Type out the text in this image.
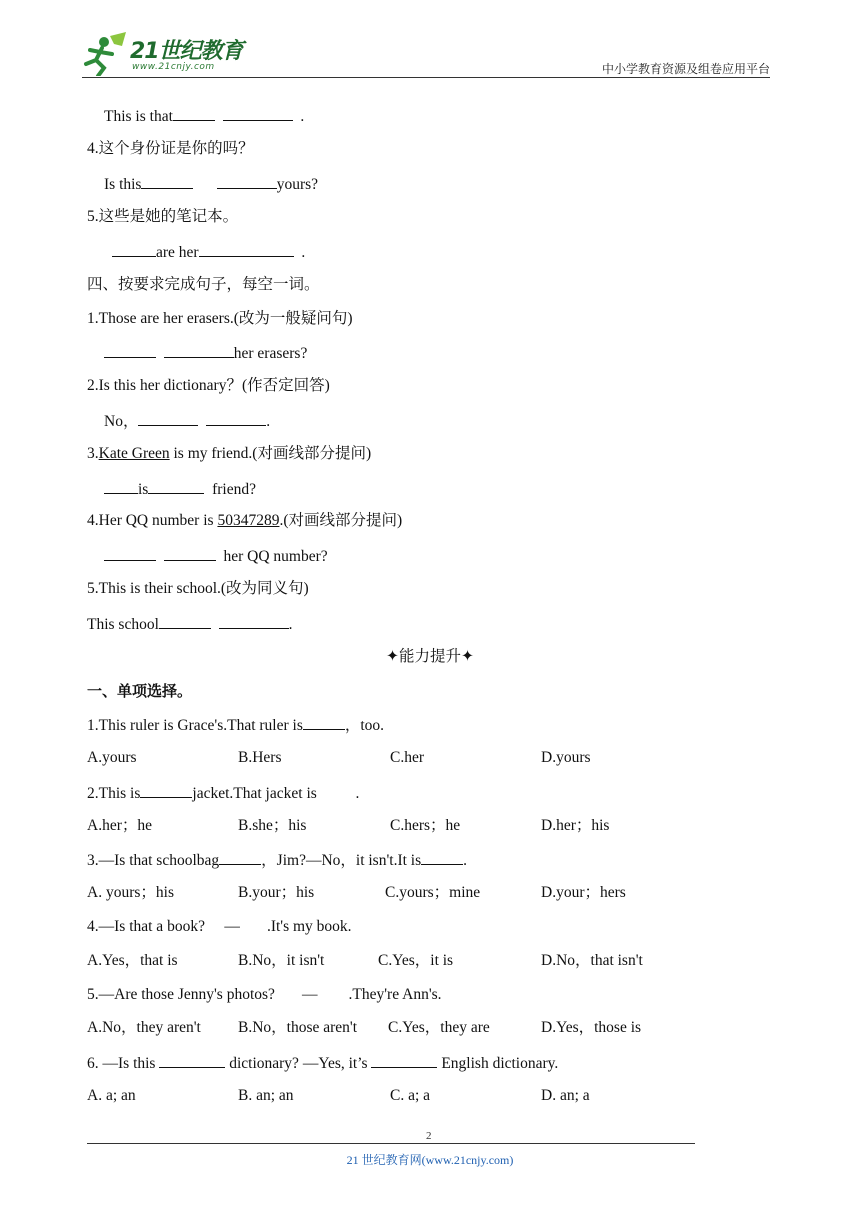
21世纪教育
www.21cnjy.com	中小学教育资源及组卷应用平台
This is that	.
4.这个身份证是你的吗？
Is this	yours?
5.这些是她的笔记本。
are her	.
四、按要求完成句子，每空一词。
1.Those are her erasers.(改为一般疑问句)
her erasers?
2.Is this her dictionary？(作否定回答)
No，	.
3.Kate Green is my friend.(对画线部分提问)
is	friend?
4.Her QQ number is 50347289.(对画线部分提问)
her QQ number?
5.This is their school.(改为同义句)
This school	.
✦能力提升✦
一、单项选择。
1.This ruler is Grace's.That ruler is	，too.
A.yours	B.Hers	C.her	D.yours
2.This is	jacket.That jacket is	.
A.her；he	B.she；his	C.hers；he	D.her；his
3.—Is that schoolbag	，Jim?—No，it isn't.It is	.
A. yours；his	B.your；his	C.yours；mine	D.your；hers
4.—Is that a book? — .It's my book.
A.Yes，that is	B.No，it isn't	C.Yes，it is	D.No，that isn't
5.—Are those Jenny's photos? — .They're Ann's.
A.No，they aren't B.No，those aren't C.Yes，they are	D.Yes，those is
6. —Is this	dictionary? —Yes, it’s	English dictionary.
A. a; an	B. an; an	C. a; a	D. an; a
2
21 世纪教育网(www.21cnjy.com)
